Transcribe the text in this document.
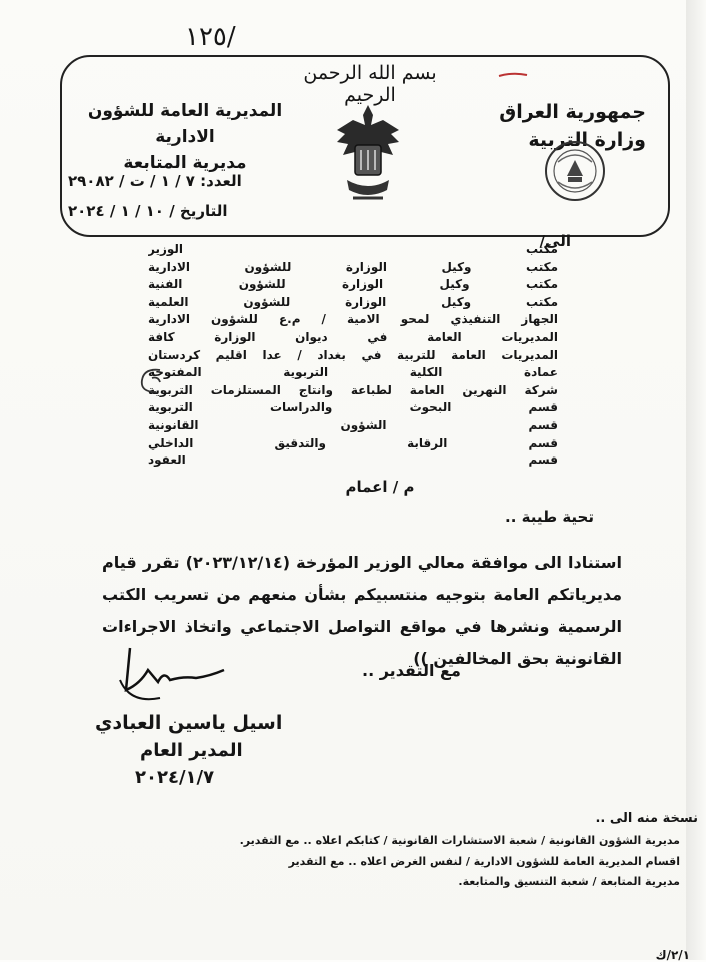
١٢٥/
بسم الله الرحمن الرحيم
جمهورية العراق
وزارة التربية
المديرية العامة للشؤون الادارية
مديرية المتابعة
العدد: ٧ / ١ / ت / ٢٩٠٨٢
التاريخ / ١٠ / ١ / ٢٠٢٤
الى/
مكتب الوزير
مكتب وكيل الوزارة للشؤون الادارية
مكتب وكيل الوزارة للشؤون الفنية
مكتب وكيل الوزارة للشؤون العلمية
الجهاز التنفيذي لمحو الامية / م.ع للشؤون الادارية
المديريات العامة في ديوان الوزارة كافة
المديريات العامة للتربية في بغداد / عدا اقليم كردستان
عمادة الكلية التربوية المفتوحة
شركة النهرين العامة لطباعة وانتاج المستلزمات التربوية
قسم البحوث والدراسات التربوية
قسم الشؤون القانونية
قسم الرقابة والتدقيق الداخلي
قسم العقود
م / اعمام
تحية طيبة ..
استنادا الى موافقة معالي الوزير المؤرخة (٢٠٢٣/١٢/١٤) تقرر قيام مديرياتكم العامة بتوجيه منتسبيكم بشأن منعهم من تسريب الكتب الرسمية ونشرها في مواقع التواصل الاجتماعي واتخاذ الاجراءات القانونية بحق المخالفين ))
مع التقدير ..
اسيل ياسين العبادي
المدير العام
٢٠٢٤/١/٧
نسخة منه الى ..
مديرية الشؤون القانونية / شعبة الاستشارات القانونية / كتابكم اعلاه .. مع التقدير.
اقسام المديرية العامة للشؤون الادارية / لنفس الغرض اعلاه .. مع التقدير
مديرية المتابعة / شعبة التنسيق والمتابعة.
٢/١/ك
